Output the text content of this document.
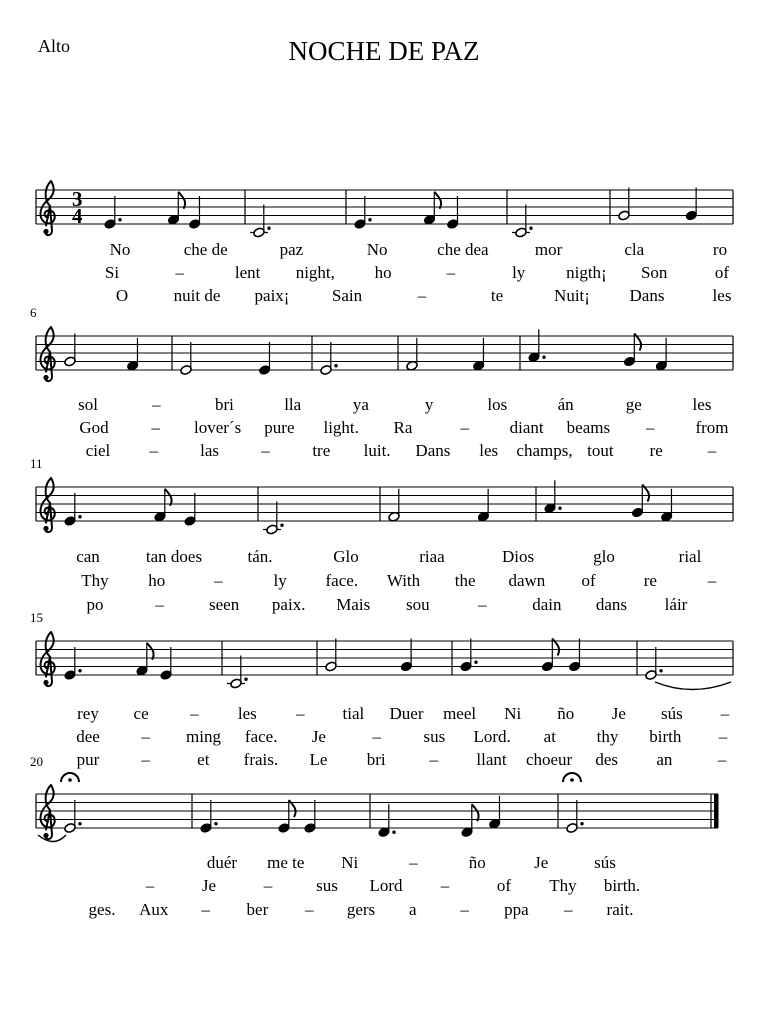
Alto	NOCHE DE PAZ
3
4
No	che de	paz	No	che dea	mor	cla	ro
Si	–	lent night, ho	–	ly nigth¡ Son	of
O	nuit de paix¡ Sain	–	te	Nuit¡ Dans	les
6
sol	–	bri	lla	ya	y	los	án	ge	les
God	– lover´s pure light. Ra	– diant beams – from
ciel – las –	tre luit. Dans les champs, tout re	–
11
can	tan does	tán.	Glo	riaa	Dios	glo	rial
Thy ho	–	ly face. With the dawn of	re	–
po	–	seen paix. Mais sou	–	dain dans láir
15
rey ce – les – tial Duer meel Ni ño Je sús –
dee – ming face. Je	–	sus Lord. at thy birth –
pur –	et frais. Le bri	– llant choeur des an	–
20
duér me te Ni	–	ño	Je	sús
–	Je	–	sus Lord –	of Thy birth.
ges. Aux – ber – gers a	– ppa – rait.
